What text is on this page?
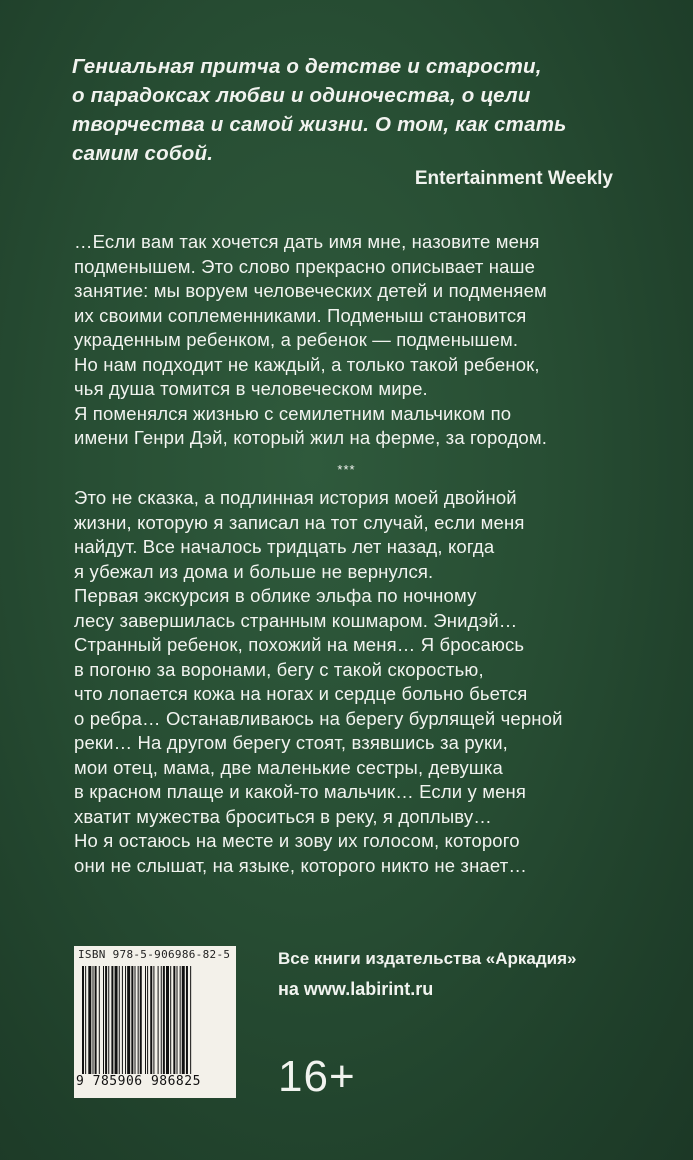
Гениальная притча о детстве и старости,
о парадоксах любви и одиночества, о цели
творчества и самой жизни. О том, как стать
самим собой.
Entertainment Weekly
…Если вам так хочется дать имя мне, назовите меня
подменышем. Это слово прекрасно описывает наше
занятие: мы воруем человеческих детей и подменяем
их своими соплеменниками. Подменыш становится
украденным ребенком, а ребенок — подменышем.
Но нам подходит не каждый, а только такой ребенок,
чья душа томится в человеческом мире.
Я поменялся жизнью с семилетним мальчиком по
имени Генри Дэй, который жил на ферме, за городом.
***
Это не сказка, а подлинная история моей двойной
жизни, которую я записал на тот случай, если меня
найдут. Все началось тридцать лет назад, когда
я убежал из дома и больше не вернулся.
Первая экскурсия в облике эльфа по ночному
лесу завершилась странным кошмаром. Энидэй…
Странный ребенок, похожий на меня… Я бросаюсь
в погоню за воронами, бегу с такой скоростью,
что лопается кожа на ногах и сердце больно бьется
о ребра… Останавливаюсь на берегу бурлящей черной
реки… На другом берегу стоят, взявшись за руки,
мои отец, мама, две маленькие сестры, девушка
в красном плаще и какой-то мальчик… Если у меня
хватит мужества броситься в реку, я доплыву…
Но я остаюсь на месте и зову их голосом, которого
они не слышат, на языке, которого никто не знает…
ISBN 978-5-906986-82-5
9 785906 986825
Все книги издательства «Аркадия»
на www.labirint.ru
16+
